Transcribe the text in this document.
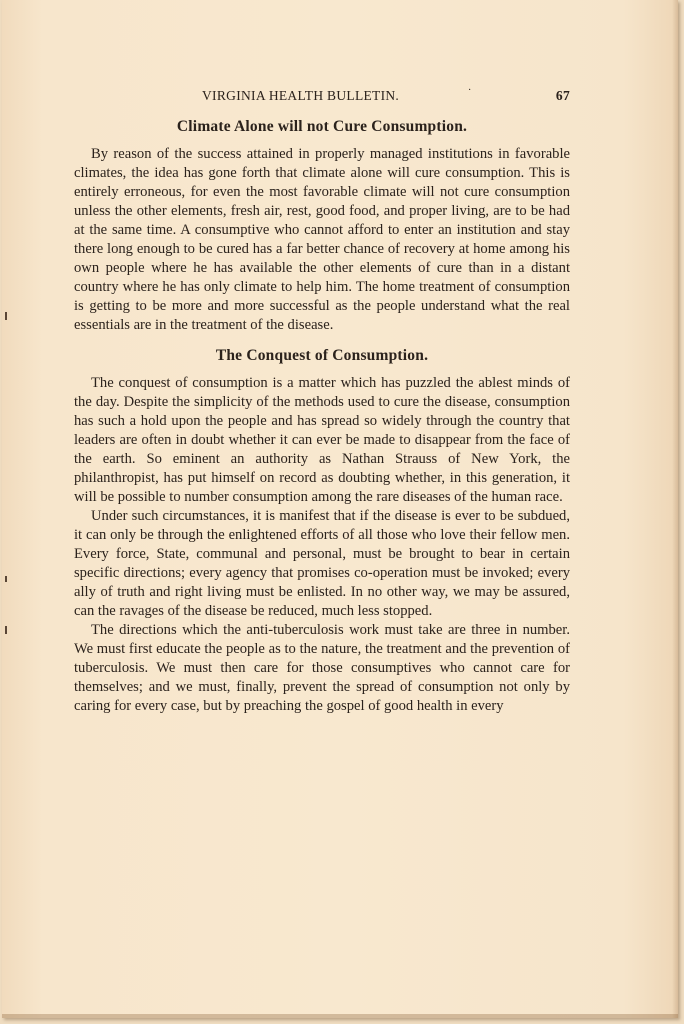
VIRGINIA HEALTH BULLETIN.	·	67
Climate Alone will not Cure Consumption.

By reason of the success attained in properly managed institutions in favorable climates, the idea has gone forth that climate alone will cure consumption. This is entirely erroneous, for even the most favorable climate will not cure consumption unless the other elements, fresh air, rest, good food, and proper living, are to be had at the same time. A consumptive who cannot afford to enter an institution and stay there long enough to be cured has a far better chance of recovery at home among his own people where he has available the other elements of cure than in a distant country where he has only climate to help him. The home treatment of consumption is getting to be more and more successful as the people understand what the real essentials are in the treatment of the disease.

The Conquest of Consumption.

The conquest of consumption is a matter which has puzzled the ablest minds of the day. Despite the simplicity of the methods used to cure the disease, consumption has such a hold upon the people and has spread so widely through the country that leaders are often in doubt whether it can ever be made to disappear from the face of the earth. So eminent an authority as Nathan Strauss of New York, the philanthropist, has put himself on record as doubting whether, in this generation, it will be possible to number consumption among the rare diseases of the human race.

Under such circumstances, it is manifest that if the disease is ever to be subdued, it can only be through the enlightened efforts of all those who love their fellow men. Every force, State, communal and personal, must be brought to bear in certain specific directions; every agency that promises co-operation must be invoked; every ally of truth and right living must be enlisted. In no other way, we may be assured, can the ravages of the disease be reduced, much less stopped.

The directions which the anti-tuberculosis work must take are three in number. We must first educate the people as to the nature, the treatment and the prevention of tuberculosis. We must then care for those consumptives who cannot care for themselves; and we must, finally, prevent the spread of consumption not only by caring for every case, but by preaching the gospel of good health in every
